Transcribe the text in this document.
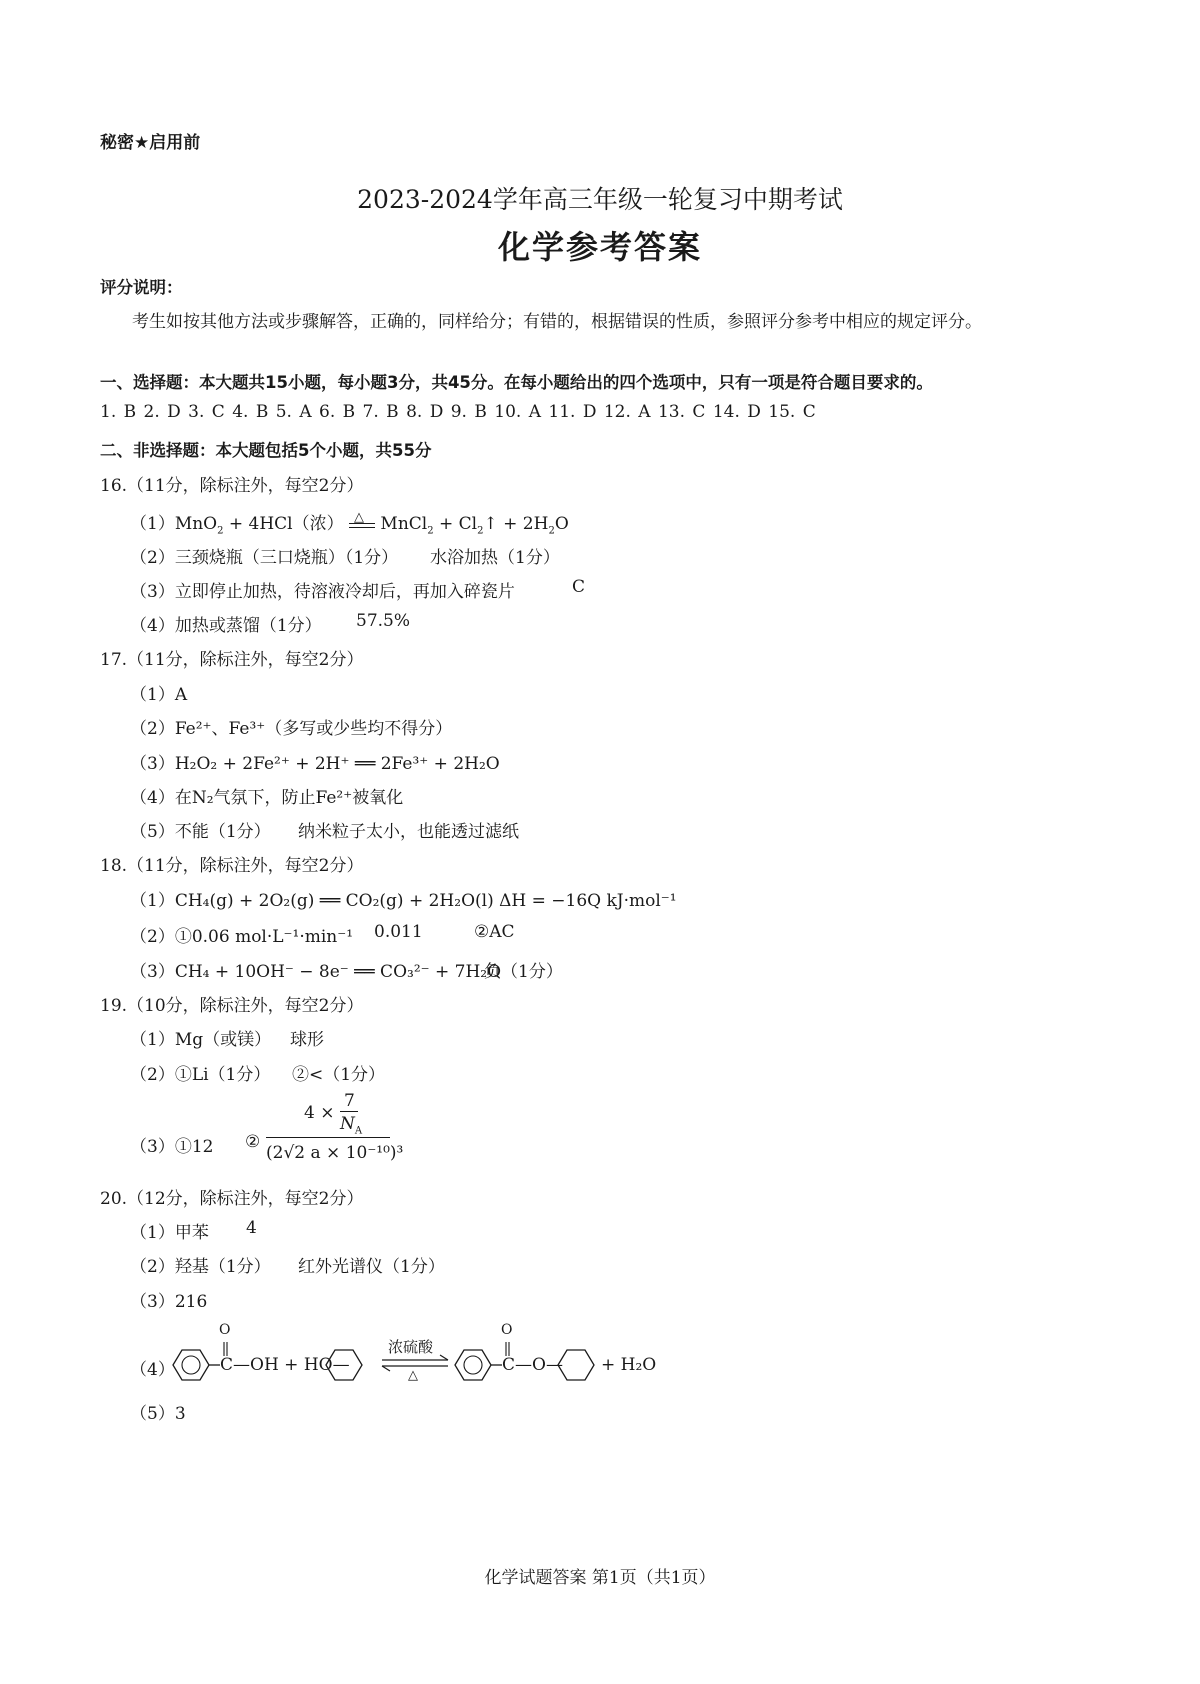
秘密★启用前
2023-2024学年高三年级一轮复习中期考试
化学参考答案
评分说明：
考生如按其他方法或步骤解答，正确的，同样给分；有错的，根据错误的性质，参照评分参考中相应的规定评分。
一、选择题：本大题共15小题，每小题3分，共45分。在每小题给出的四个选项中，只有一项是符合题目要求的。
1. B 2. D 3. C 4. B 5. A 6. B 7. B 8. D 9. B 10. A 11. D 12. A 13. C 14. D 15. C
二、非选择题：本大题包括5个小题，共55分
16.（11分，除标注外，每空2分）
（1）MnO$_2$ + 4HCl（浓） △ MnCl$_2$ + $Cl_2↑ + 2H_2O$
（2）三颈烧瓶（三口烧瓶）（1分） 水浴加热（1分）
（3）立即停止加热，待溶液冷却后，再加入碎瓷片	C
（4）加热或蒸馏（1分） 57.5%
17.（11分，除标注外，每空2分）
（1）A
（2）Fe²⁺、Fe³⁺（多写或少些均不得分）
（3）H₂O₂ + 2Fe²⁺ + 2H⁺ ══ 2Fe³⁺ + 2H₂O
（4）在N₂气氛下，防止Fe²⁺被氧化
（5）不能（1分） 纳米粒子太小，也能透过滤纸
18.（11分，除标注外，每空2分）
（1）CH₄(g) + 2O₂(g) ══ CO₂(g) + 2H₂O(l) ΔH = −16Q kJ·mol⁻¹
（2）①0.06 mol·L⁻¹·min⁻¹ 0.011	②AC
（3）CH₄ + 10OH⁻ − 8e⁻ ══ CO₃²⁻ + 7H₂O
负（1分）
19.（10分，除标注外，每空2分）
（1）Mg（或镁） 球形
（2）①Li（1分） ②<（1分）
（3）①12 ②
4 ×
7
$N_A$
(2√2 a × 10⁻¹⁰)³
20.（12分，除标注外，每空2分）
（1）甲苯 4
（2）羟基（1分） 红外光谱仪（1分）
（3）216
（4）
O
C—OH + HO—
浓硫酸
△
O
C—O— + H₂O
（5）3
化学试题答案 第1页（共1页）
